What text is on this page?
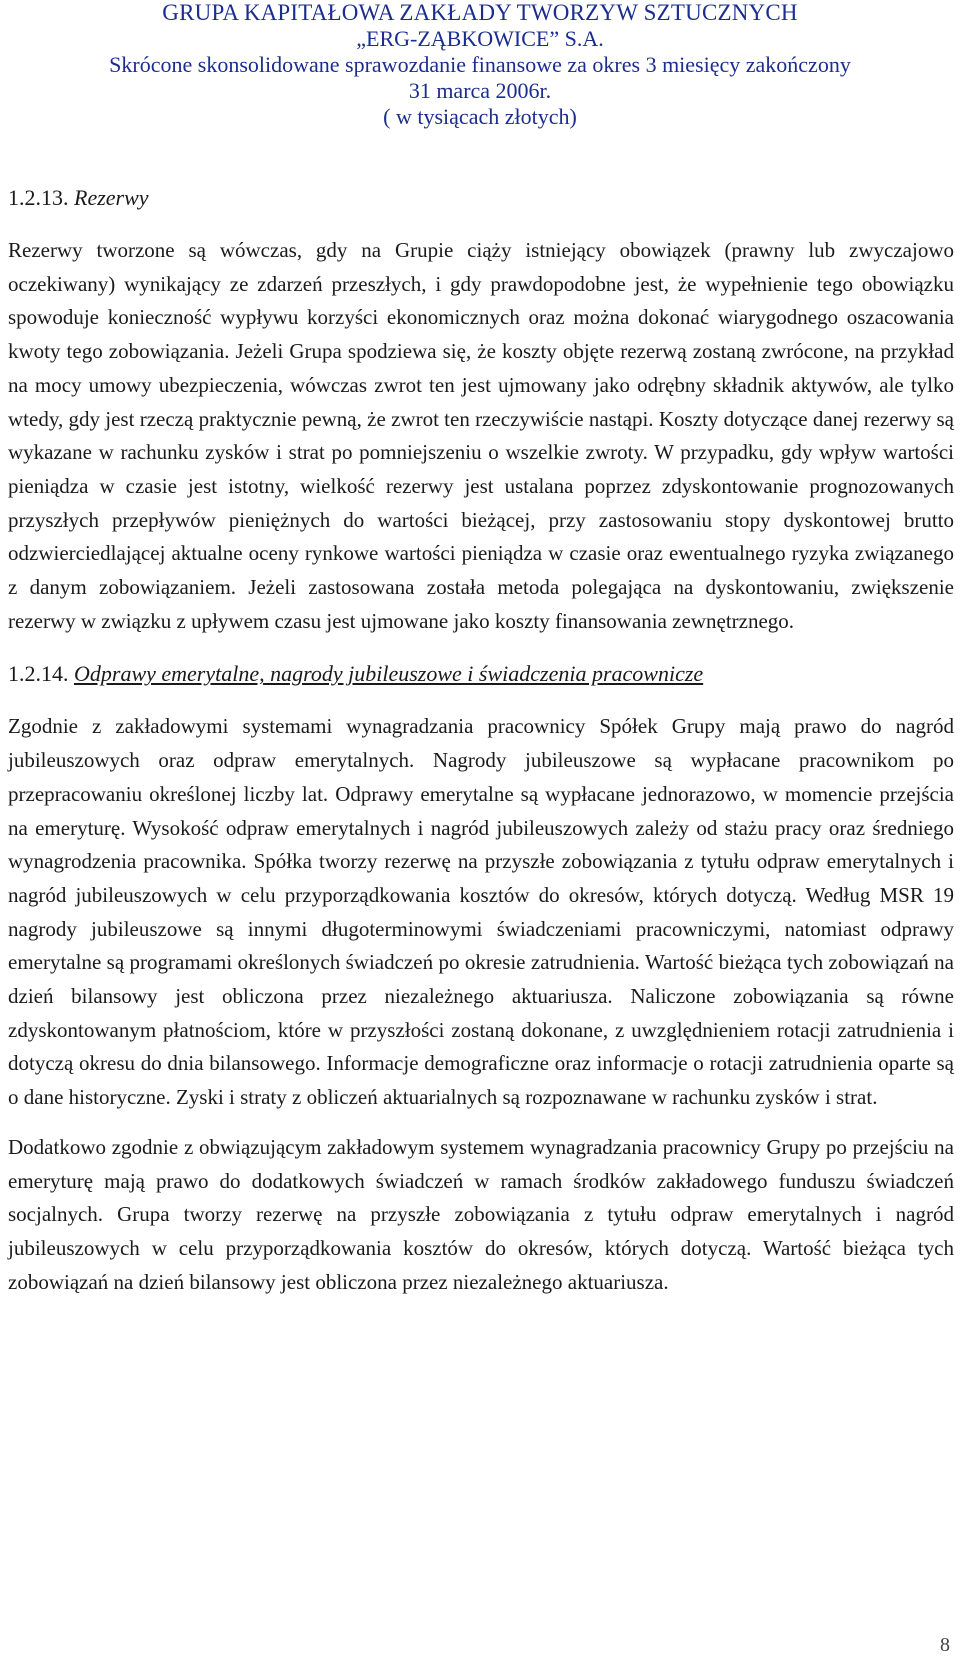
GRUPA KAPITAŁOWA ZAKŁADY TWORZYW SZTUCZNYCH
„ERG-ZĄBKOWICE” S.A.
Skrócone skonsolidowane sprawozdanie finansowe za okres 3 miesięcy zakończony
31 marca 2006r.
( w tysiącach złotych)
1.2.13. Rezerwy

Rezerwy tworzone są wówczas, gdy na Grupie ciąży istniejący obowiązek (prawny lub zwyczajowo oczekiwany) wynikający ze zdarzeń przeszłych, i gdy prawdopodobne jest, że wypełnienie tego obowiązku spowoduje konieczność wypływu korzyści ekonomicznych oraz można dokonać wiarygodnego oszacowania kwoty tego zobowiązania. Jeżeli Grupa spodziewa się, że koszty objęte rezerwą zostaną zwrócone, na przykład na mocy umowy ubezpieczenia, wówczas zwrot ten jest ujmowany jako odrębny składnik aktywów, ale tylko wtedy, gdy jest rzeczą praktycznie pewną, że zwrot ten rzeczywiście nastąpi. Koszty dotyczące danej rezerwy są wykazane w rachunku zysków i strat po pomniejszeniu o wszelkie zwroty. W przypadku, gdy wpływ wartości pieniądza w czasie jest istotny, wielkość rezerwy jest ustalana poprzez zdyskontowanie prognozowanych przyszłych przepływów pieniężnych do wartości bieżącej, przy zastosowaniu stopy dyskontowej brutto odzwierciedlającej aktualne oceny rynkowe wartości pieniądza w czasie oraz ewentualnego ryzyka związanego z danym zobowiązaniem. Jeżeli zastosowana została metoda polegająca na dyskontowaniu, zwiększenie rezerwy w związku z upływem czasu jest ujmowane jako koszty finansowania zewnętrznego.

1.2.14. Odprawy emerytalne, nagrody jubileuszowe i świadczenia pracownicze

Zgodnie z zakładowymi systemami wynagradzania pracownicy Spółek Grupy mają prawo do nagród jubileuszowych oraz odpraw emerytalnych. Nagrody jubileuszowe są wypłacane pracownikom po przepracowaniu określonej liczby lat. Odprawy emerytalne są wypłacane jednorazowo, w momencie przejścia na emeryturę. Wysokość odpraw emerytalnych i nagród jubileuszowych zależy od stażu pracy oraz średniego wynagrodzenia pracownika. Spółka tworzy rezerwę na przyszłe zobowiązania z tytułu odpraw emerytalnych i nagród jubileuszowych w celu przyporządkowania kosztów do okresów, których dotyczą. Według MSR 19 nagrody jubileuszowe są innymi długoterminowymi świadczeniami pracowniczymi, natomiast odprawy emerytalne są programami określonych świadczeń po okresie zatrudnienia. Wartość bieżąca tych zobowiązań na dzień bilansowy jest obliczona przez niezależnego aktuariusza. Naliczone zobowiązania są równe zdyskontowanym płatnościom, które w przyszłości zostaną dokonane, z uwzględnieniem rotacji zatrudnienia i dotyczą okresu do dnia bilansowego. Informacje demograficzne oraz informacje o rotacji zatrudnienia oparte są o dane historyczne. Zyski i straty z obliczeń aktuarialnych są rozpoznawane w rachunku zysków i strat.

Dodatkowo zgodnie z obwiązującym zakładowym systemem wynagradzania pracownicy Grupy po przejściu na emeryturę mają prawo do dodatkowych świadczeń w ramach środków zakładowego funduszu świadczeń socjalnych. Grupa tworzy rezerwę na przyszłe zobowiązania z tytułu odpraw emerytalnych i nagród jubileuszowych w celu przyporządkowania kosztów do okresów, których dotyczą. Wartość bieżąca tych zobowiązań na dzień bilansowy jest obliczona przez niezależnego aktuariusza.

8
